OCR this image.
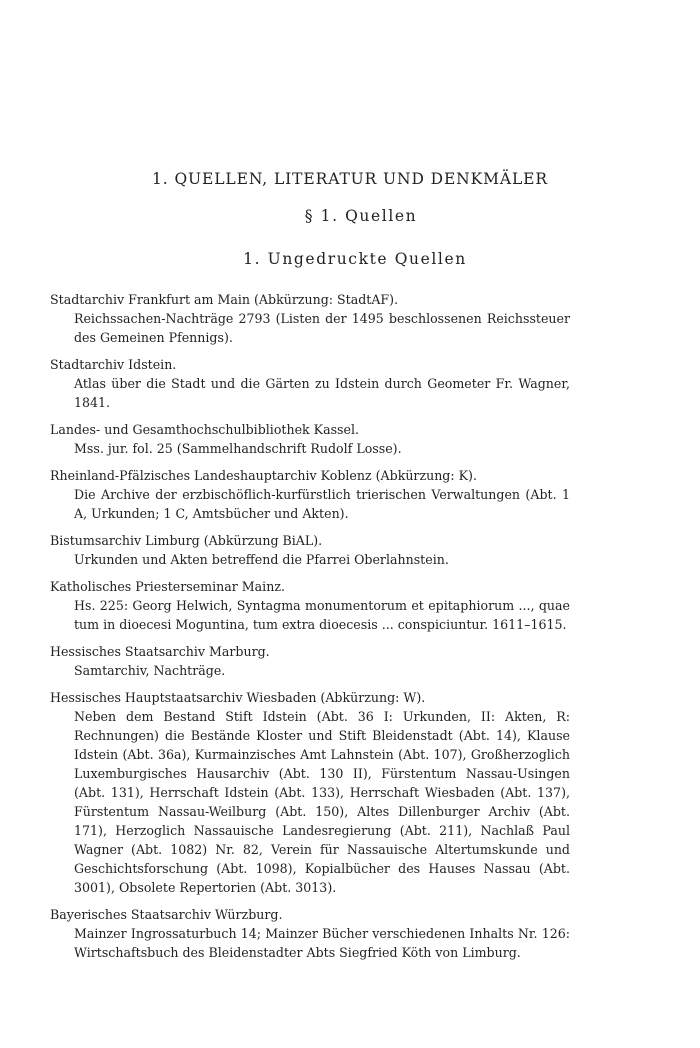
1. QUELLEN, LITERATUR UND DENKMÄLER
§ 1. Quellen
1. Ungedruckte Quellen
Stadtarchiv Frankfurt am Main (Abkürzung: StadtAF).
Reichssachen-Nachträge 2793 (Listen der 1495 beschlossenen Reichssteuer des Gemeinen Pfennigs).
Stadtarchiv Idstein.
Atlas über die Stadt und die Gärten zu Idstein durch Geometer Fr. Wagner, 1841.
Landes- und Gesamthochschulbibliothek Kassel.
Mss. jur. fol. 25 (Sammelhandschrift Rudolf Losse).
Rheinland-Pfälzisches Landeshauptarchiv Koblenz (Abkürzung: K).
Die Archive der erzbischöflich-kurfürstlich trierischen Verwaltungen (Abt. 1 A, Urkunden; 1 C, Amtsbücher und Akten).
Bistumsarchiv Limburg (Abkürzung BiAL).
Urkunden und Akten betreffend die Pfarrei Oberlahnstein.
Katholisches Priesterseminar Mainz.
Hs. 225: Georg Helwich, Syntagma monumentorum et epitaphiorum ..., quae tum in dioecesi Moguntina, tum extra dioecesis ... conspiciuntur. 1611–1615.
Hessisches Staatsarchiv Marburg.
Samtarchiv, Nachträge.
Hessisches Hauptstaatsarchiv Wiesbaden (Abkürzung: W).
Neben dem Bestand Stift Idstein (Abt. 36 I: Urkunden, II: Akten, R: Rechnungen) die Bestände Kloster und Stift Bleidenstadt (Abt. 14), Klause Idstein (Abt. 36a), Kurmainzisches Amt Lahnstein (Abt. 107), Großherzoglich Luxemburgisches Hausarchiv (Abt. 130 II), Fürstentum Nassau-Usingen (Abt. 131), Herrschaft Idstein (Abt. 133), Herrschaft Wiesbaden (Abt. 137), Fürstentum Nassau-Weilburg (Abt. 150), Altes Dillenburger Archiv (Abt. 171), Herzoglich Nassauische Landesregierung (Abt. 211), Nachlaß Paul Wagner (Abt. 1082) Nr. 82, Verein für Nassauische Altertumskunde und Geschichtsforschung (Abt. 1098), Kopialbücher des Hauses Nassau (Abt. 3001), Obsolete Repertorien (Abt. 3013).
Bayerisches Staatsarchiv Würzburg.
Mainzer Ingrossaturbuch 14; Mainzer Bücher verschiedenen Inhalts Nr. 126: Wirtschaftsbuch des Bleidenstadter Abts Siegfried Köth von Limburg.
